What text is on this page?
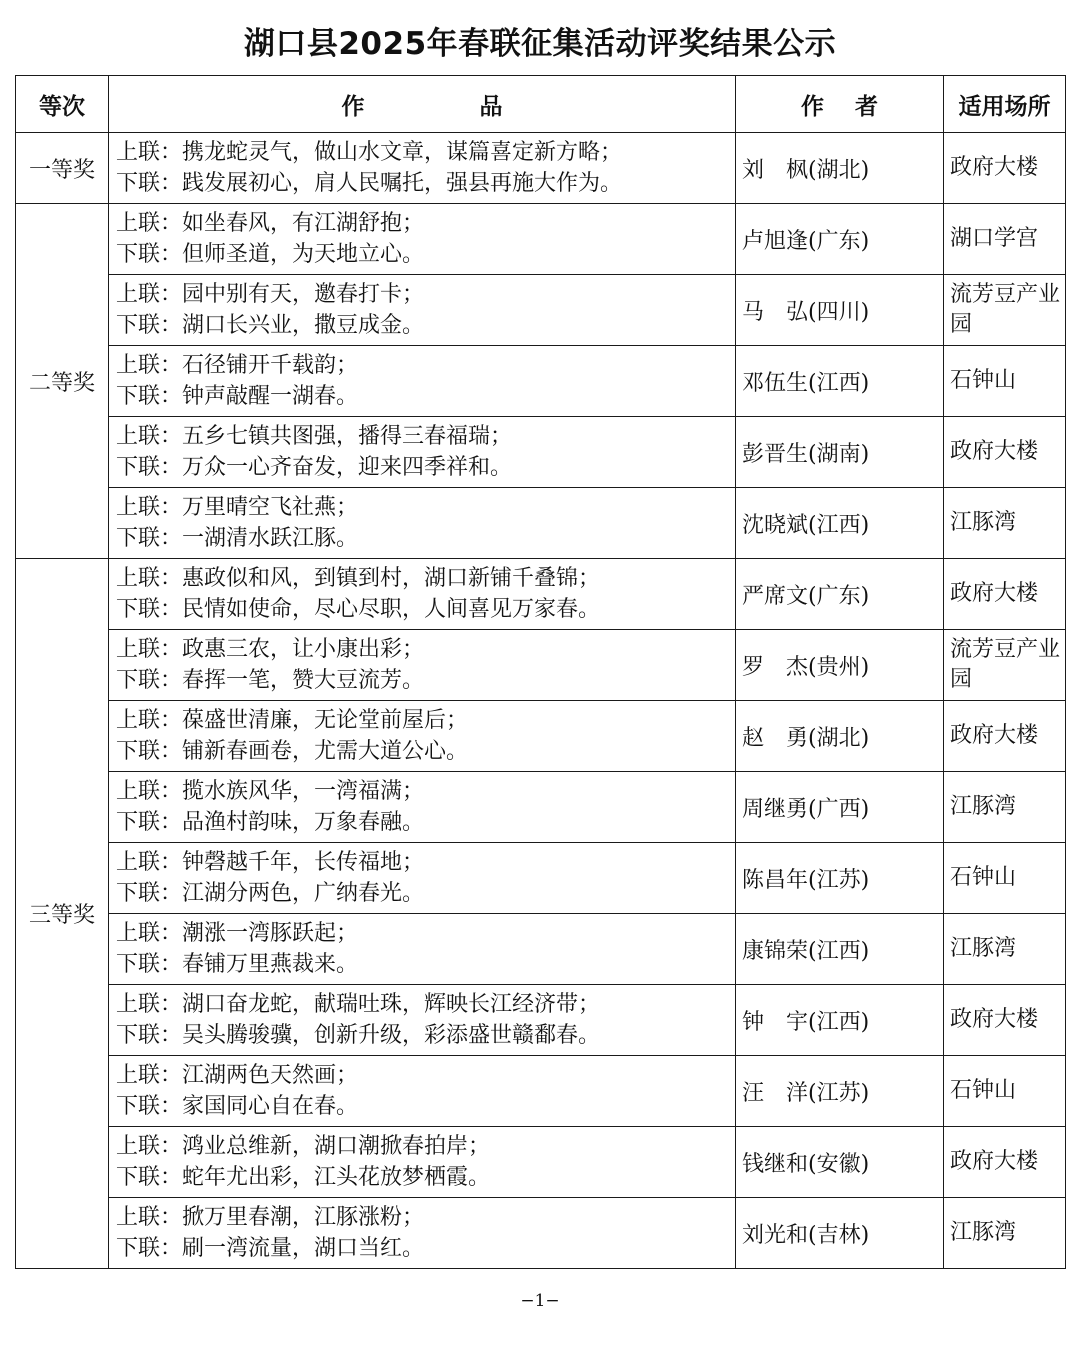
湖口县2025年春联征集活动评奖结果公示
等次	作　　　　　品	作　 者	适用场所
一等奖	上联：携龙蛇灵气，做山水文章，谋篇喜定新方略；
下联：践发展初心，肩人民嘱托，强县再施大作为。	刘　枫(湖北)	政府大楼
二等奖	上联：如坐春风，有江湖舒抱；
下联：但师圣道，为天地立心。	卢旭逢(广东)	湖口学宫

	上联：园中别有天，邀春打卡；
下联：湖口长兴业，撒豆成金。	马　弘(四川)	流芳豆产业园

	上联：石径铺开千载韵；
下联：钟声敲醒一湖春。	邓伍生(江西)	石钟山

	上联：五乡七镇共图强，播得三春福瑞；
下联：万众一心齐奋发，迎来四季祥和。	彭晋生(湖南)	政府大楼

	上联：万里晴空飞社燕；
下联：一湖清水跃江豚。	沈晓斌(江西)	江豚湾
三等奖	上联：惠政似和风，到镇到村，湖口新铺千叠锦；
下联：民情如使命，尽心尽职，人间喜见万家春。	严席文(广东)	政府大楼

	上联：政惠三农，让小康出彩；
下联：春挥一笔，赞大豆流芳。	罗　杰(贵州)	流芳豆产业园

	上联：葆盛世清廉，无论堂前屋后；
下联：铺新春画卷，尤需大道公心。	赵　勇(湖北)	政府大楼

	上联：揽水族风华，一湾福满；
下联：品渔村韵味，万象春融。	周继勇(广西)	江豚湾

	上联：钟磬越千年，长传福地；
下联：江湖分两色，广纳春光。	陈昌年(江苏)	石钟山

	上联：潮涨一湾豚跃起；
下联：春铺万里燕裁来。	康锦荣(江西)	江豚湾

	上联：湖口奋龙蛇，献瑞吐珠，辉映长江经济带；
下联：吴头腾骏骥，创新升级，彩添盛世赣鄱春。	钟　宇(江西)	政府大楼

	上联：江湖两色天然画；
下联：家国同心自在春。	汪　洋(江苏)	石钟山

	上联：鸿业总维新，湖口潮掀春拍岸；
下联：蛇年尤出彩，江头花放梦栖霞。	钱继和(安徽)	政府大楼

	上联：掀万里春潮，江豚涨粉；
下联：刷一湾流量，湖口当红。	刘光和(吉林)	江豚湾
−1−
